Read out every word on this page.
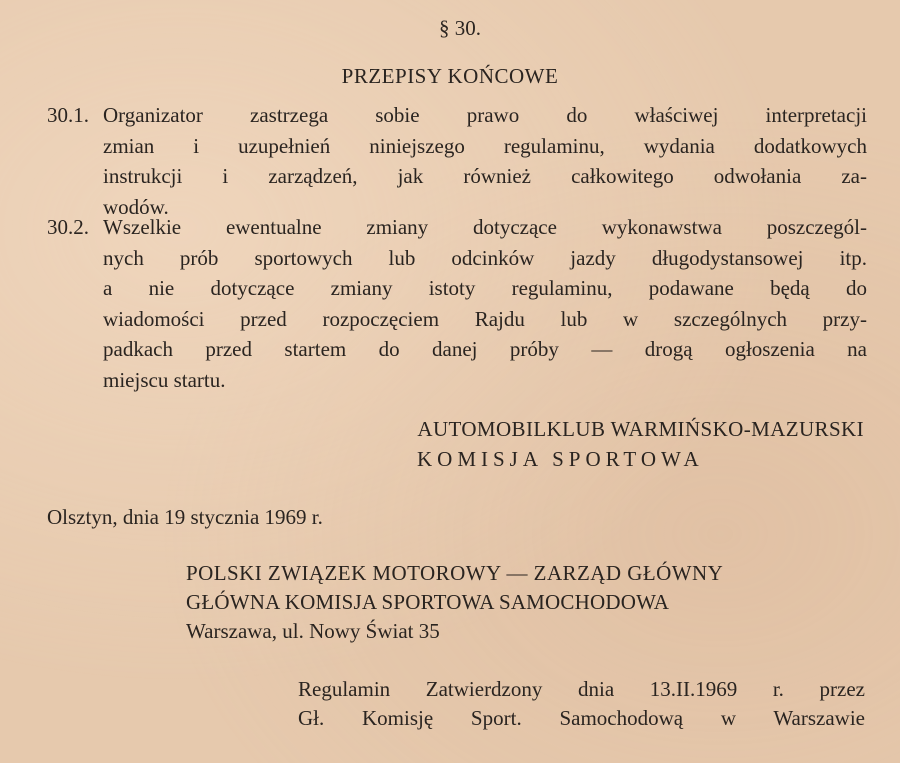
§ 30.
PRZEPISY KOŃCOWE
30.1. Organizator zastrzega sobie prawo do właściwej interpretacji
zmian i uzupełnień niniejszego regulaminu, wydania dodatkowych
instrukcji i zarządzeń, jak również całkowitego odwołania za-
wodów.
30.2. Wszelkie ewentualne zmiany dotyczące wykonawstwa poszczegól-
nych prób sportowych lub odcinków jazdy długodystansowej itp.
a nie dotyczące zmiany istoty regulaminu, podawane będą do
wiadomości przed rozpoczęciem Rajdu lub w szczególnych przy-
padkach przed startem do danej próby — drogą ogłoszenia na
miejscu startu.
AUTOMOBILKLUB WARMIŃSKO-MAZURSKI
KOMISJA SPORTOWA
Olsztyn, dnia 19 stycznia 1969 r.
POLSKI ZWIĄZEK MOTOROWY — ZARZĄD GŁÓWNY
GŁÓWNA KOMISJA SPORTOWA SAMOCHODOWA
Warszawa, ul. Nowy Świat 35
Regulamin Zatwierdzony dnia 13.II.1969 r. przez
Gł. Komisję Sport. Samochodową w Warszawie
